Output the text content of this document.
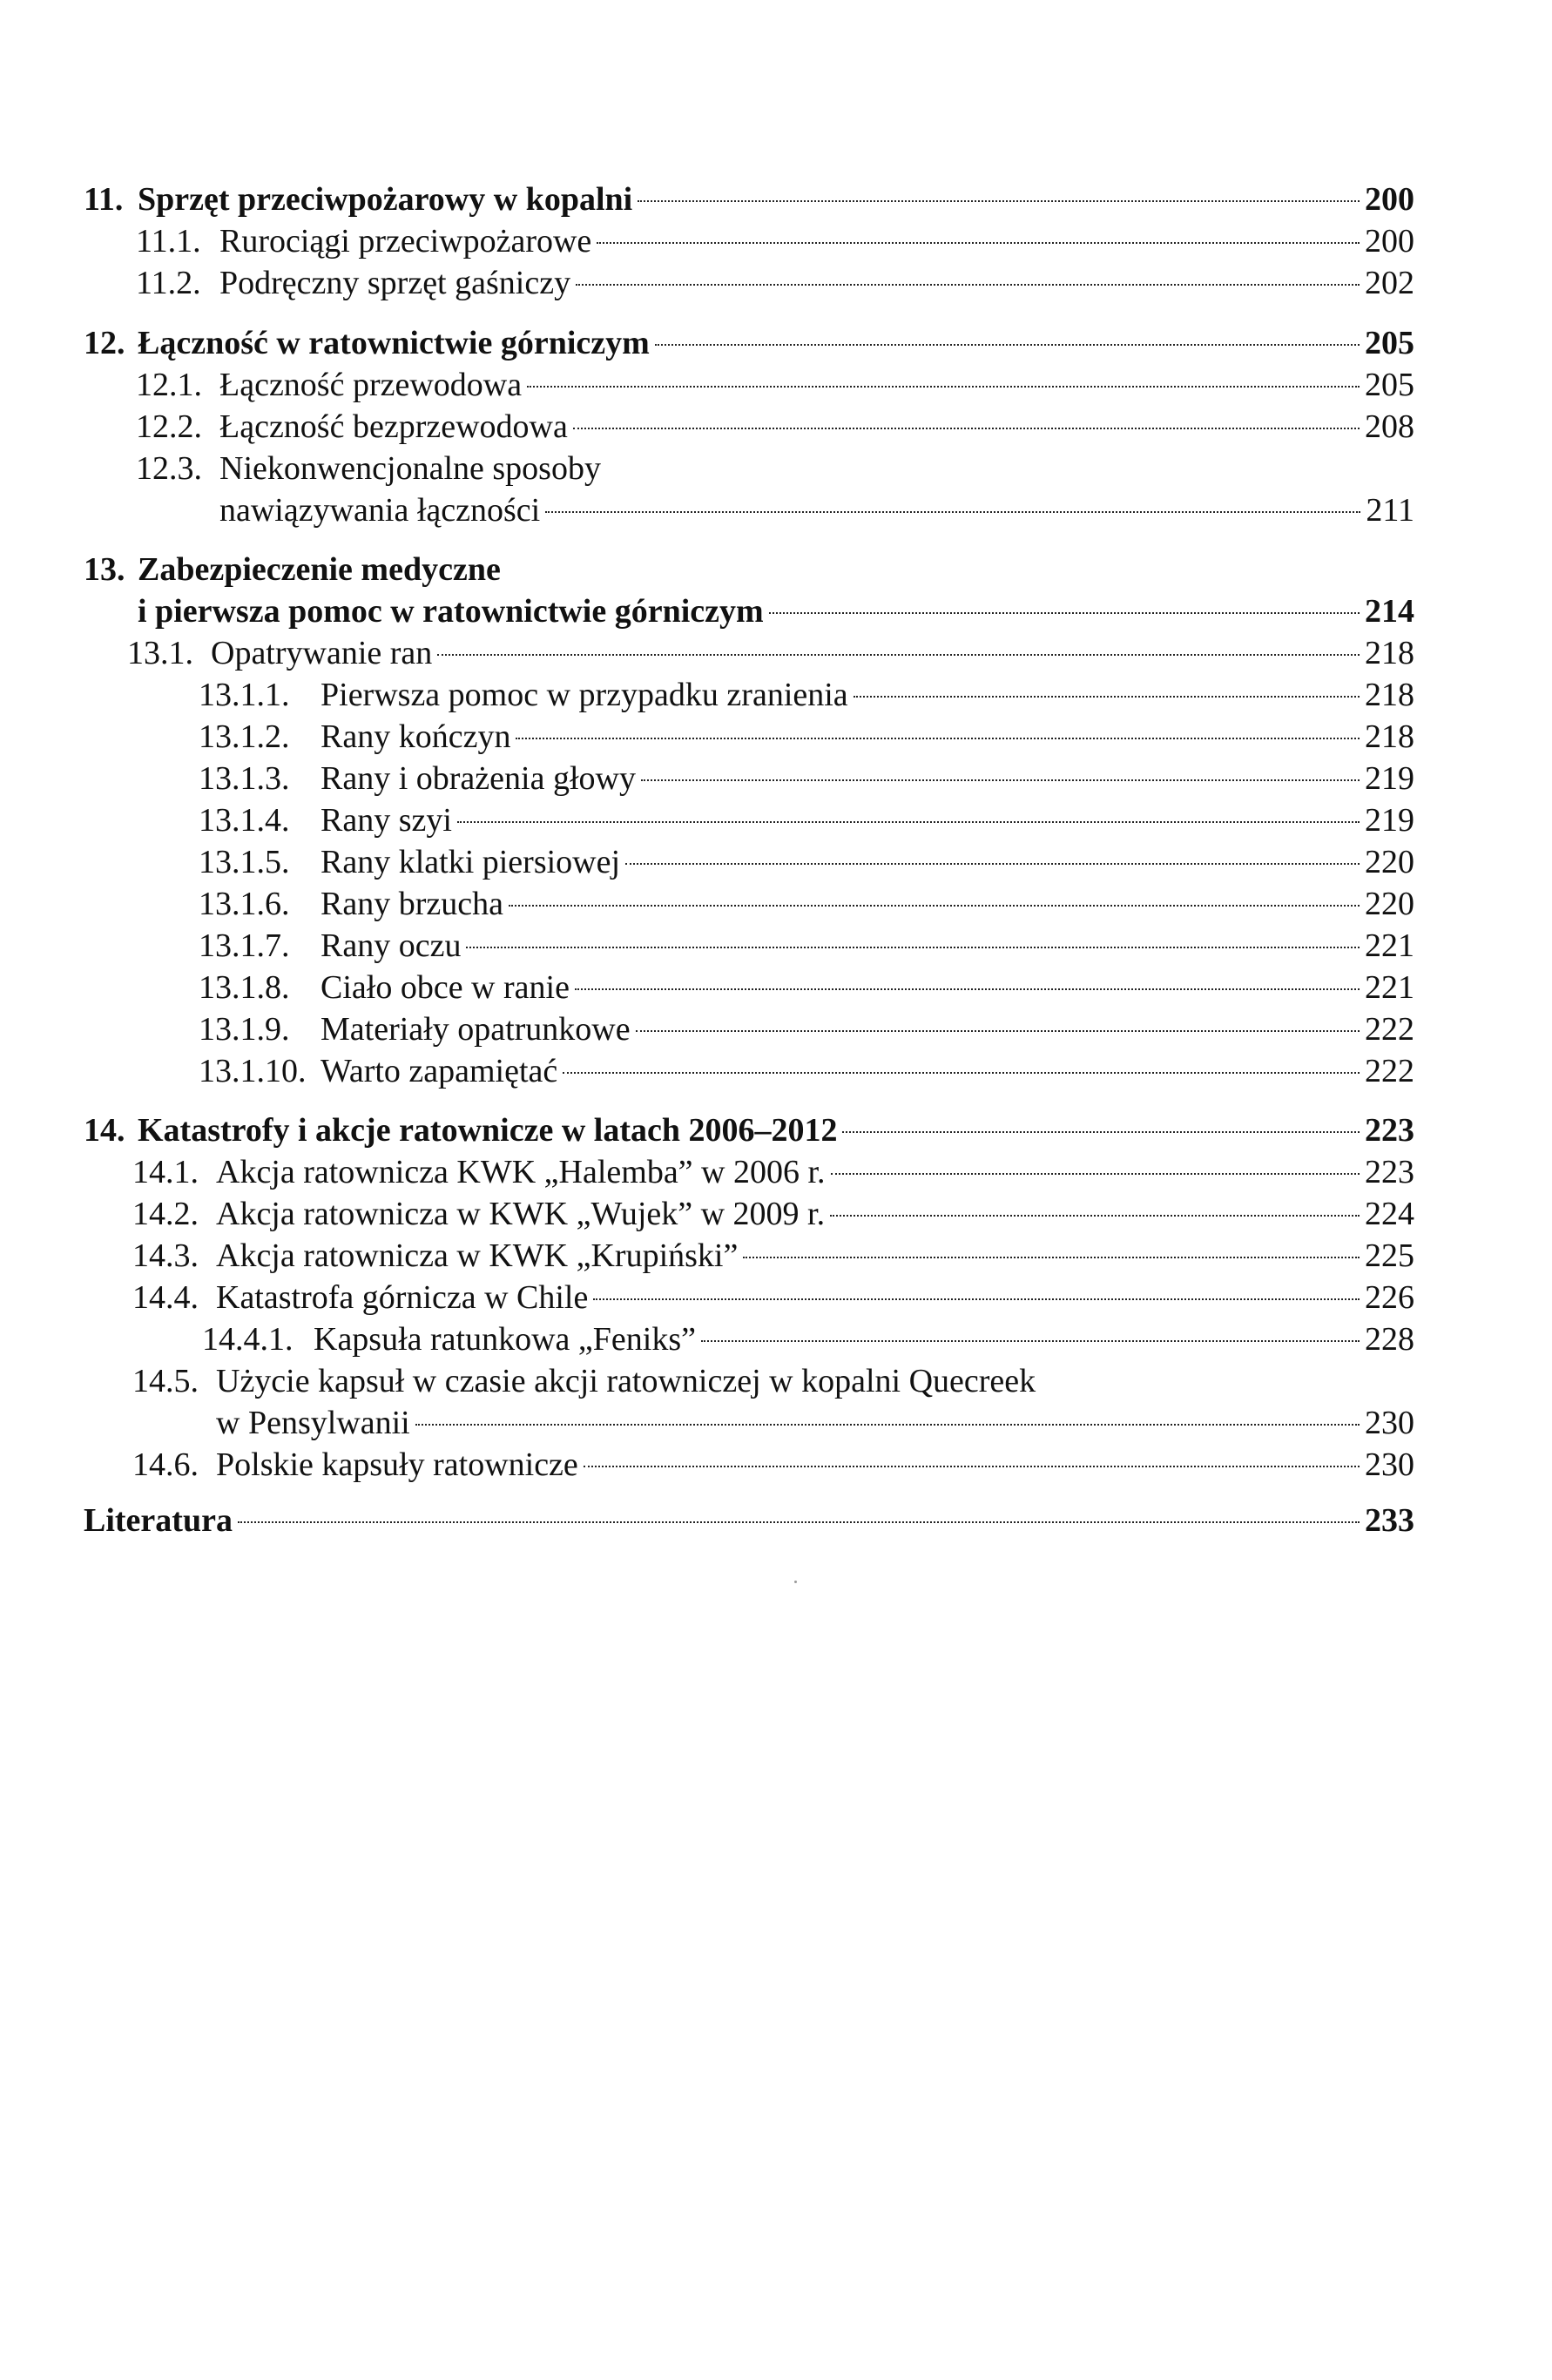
11. Sprzęt przeciwpożarowy w kopalni	200
11.1. Rurociągi przeciwpożarowe	200
11.2. Podręczny sprzęt gaśniczy	202
12. Łączność w ratownictwie górniczym	205
12.1. Łączność przewodowa	205
12.2. Łączność bezprzewodowa	208
12.3. Niekonwencjonalne sposoby
nawiązywania łączności	211
13. Zabezpieczenie medyczne
i pierwsza pomoc w ratownictwie górniczym	214
13.1. Opatrywanie ran	218
13.1.1. Pierwsza pomoc w przypadku zranienia	218
13.1.2. Rany kończyn	218
13.1.3. Rany i obrażenia głowy	219
13.1.4. Rany szyi	219
13.1.5. Rany klatki piersiowej	220
13.1.6. Rany brzucha	220
13.1.7. Rany oczu	221
13.1.8. Ciało obce w ranie	221
13.1.9. Materiały opatrunkowe	222
13.1.10. Warto zapamiętać	222
14. Katastrofy i akcje ratownicze w latach 2006–2012	223
14.1. Akcja ratownicza KWK „Halemba” w 2006 r.	223
14.2. Akcja ratownicza w KWK „Wujek” w 2009 r.	224
14.3. Akcja ratownicza w KWK „Krupiński”	225
14.4. Katastrofa górnicza w Chile	226
14.4.1. Kapsuła ratunkowa „Feniks”	228
14.5. Użycie kapsuł w czasie akcji ratowniczej w kopalni Quecreek
w Pensylwanii	230
14.6. Polskie kapsuły ratownicze	230
Literatura	233
